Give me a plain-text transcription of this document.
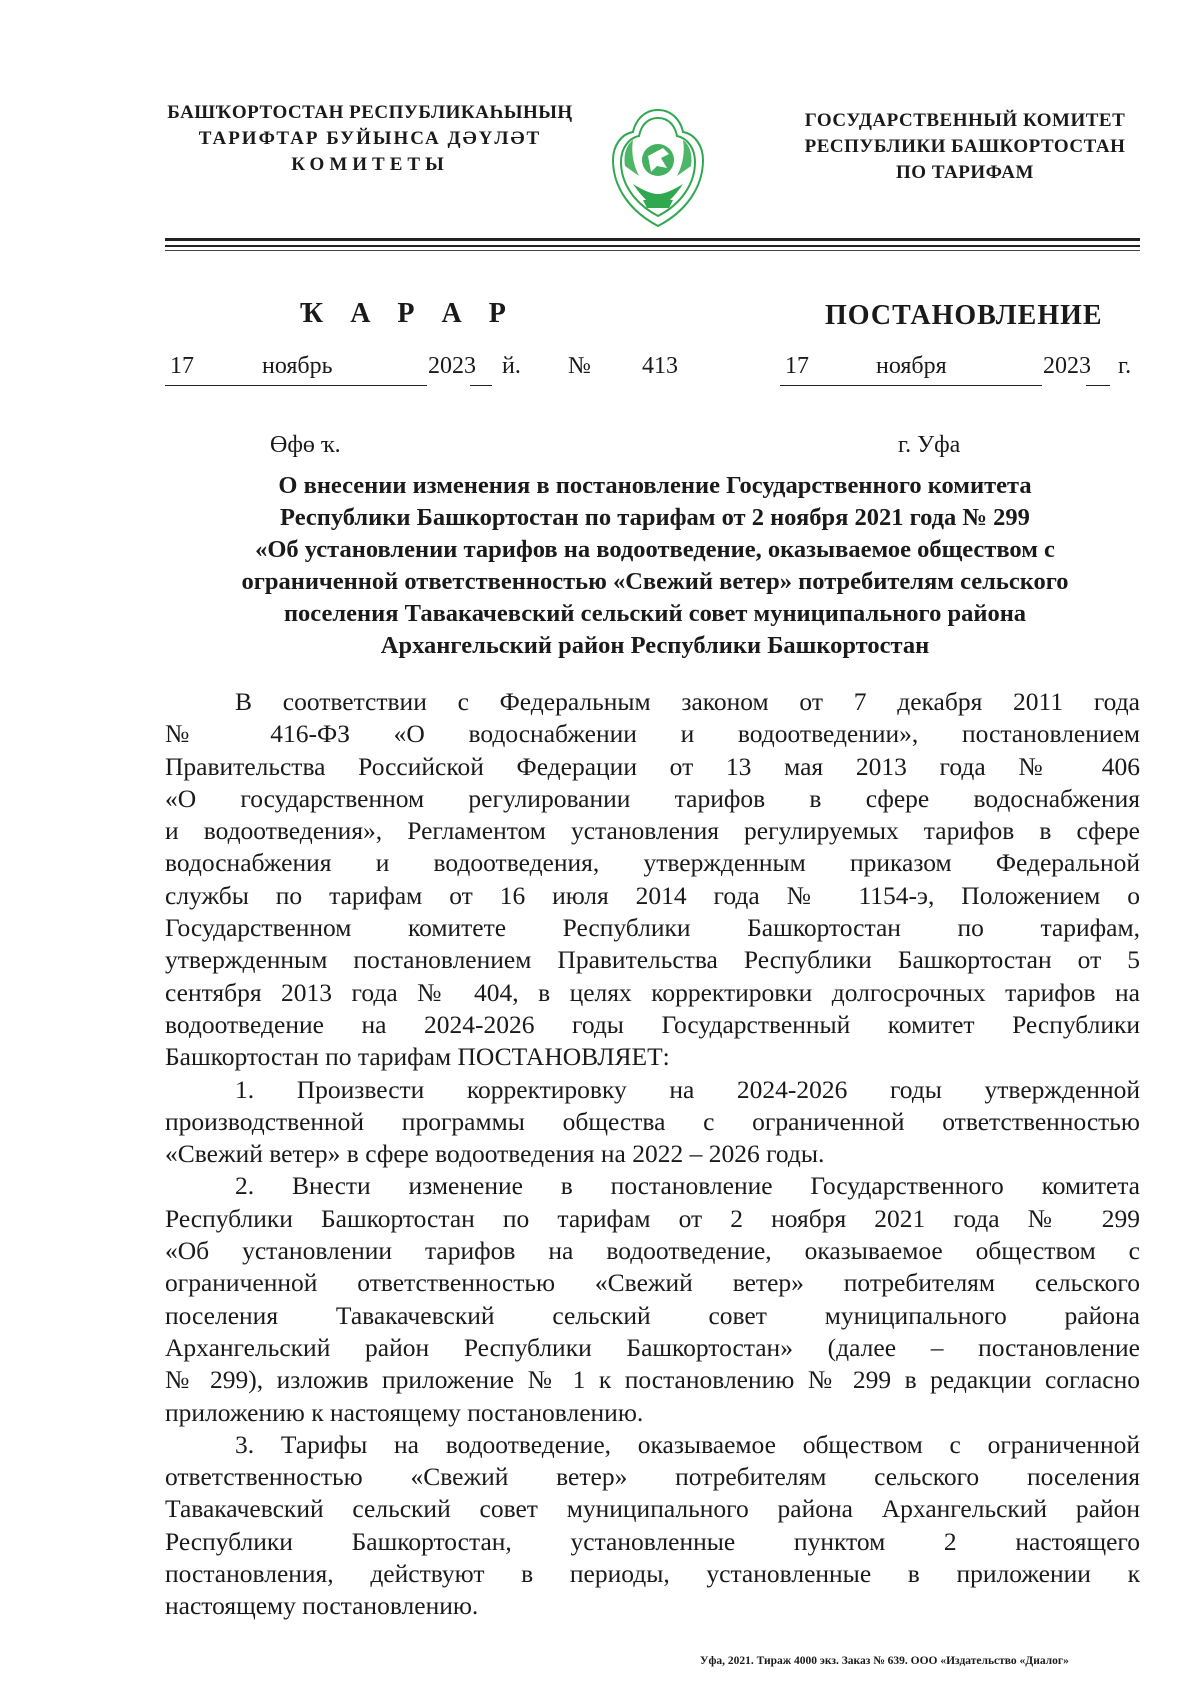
БАШҠОРТОСТАН РЕСПУБЛИКАҺЫНЫҢ
ТАРИФТАР БУЙЫНСА ДӘҮЛӘТ
КОМИТЕТЫ
ГОСУДАРСТВЕННЫЙ КОМИТЕТ
РЕСПУБЛИКИ БАШКОРТОСТАН
ПО ТАРИФАМ
Ҡ А Р А Р	ПОСТАНОВЛЕНИЕ
17	ноябрь	2023 й. № 413	17	ноября	2023 г.
Өфө ҡ.	г. Уфа
О внесении изменения в постановление Государственного комитета
Республики Башкортостан по тарифам от 2 ноября 2021 года № 299
«Об установлении тарифов на водоотведение, оказываемое обществом с
ограниченной ответственностью «Свежий ветер» потребителям сельского
поселения Тавакачевский сельский совет муниципального района
Архангельский район Республики Башкортостан

В соответствии с Федеральным законом от 7 декабря 2011 года
№ 416-ФЗ «О водоснабжении и водоотведении», постановлением
Правительства Российской Федерации от 13 мая 2013 года № 406
«О государственном регулировании тарифов в сфере водоснабжения
и водоотведения», Регламентом установления регулируемых тарифов в сфере
водоснабжения и водоотведения, утвержденным приказом Федеральной
службы по тарифам от 16 июля 2014 года № 1154-э, Положением о
Государственном комитете Республики Башкортостан по тарифам,
утвержденным постановлением Правительства Республики Башкортостан от 5
сентября 2013 года № 404, в целях корректировки долгосрочных тарифов на
водоотведение на 2024-2026 годы Государственный комитет Республики
Башкортостан по тарифам ПОСТАНОВЛЯЕТ:

1. Произвести корректировку на 2024-2026 годы утвержденной
производственной программы общества с ограниченной ответственностью
«Свежий ветер» в сфере водоотведения на 2022 – 2026 годы.

2. Внести изменение в постановление Государственного комитета
Республики Башкортостан по тарифам от 2 ноября 2021 года № 299
«Об установлении тарифов на водоотведение, оказываемое обществом с
ограниченной ответственностью «Свежий ветер» потребителям сельского
поселения Тавакачевский сельский совет муниципального района
Архангельский район Республики Башкортостан» (далее – постановление
№ 299), изложив приложение № 1 к постановлению № 299 в редакции согласно
приложению к настоящему постановлению.

3. Тарифы на водоотведение, оказываемое обществом с ограниченной
ответственностью «Свежий ветер» потребителям сельского поселения
Тавакачевский сельский совет муниципального района Архангельский район
Республики Башкортостан, установленные пунктом 2 настоящего
постановления, действуют в периоды, установленные в приложении к
настоящему постановлению.

Уфа, 2021. Тираж 4000 экз. Заказ № 639. ООО «Издательство «Диалог»
